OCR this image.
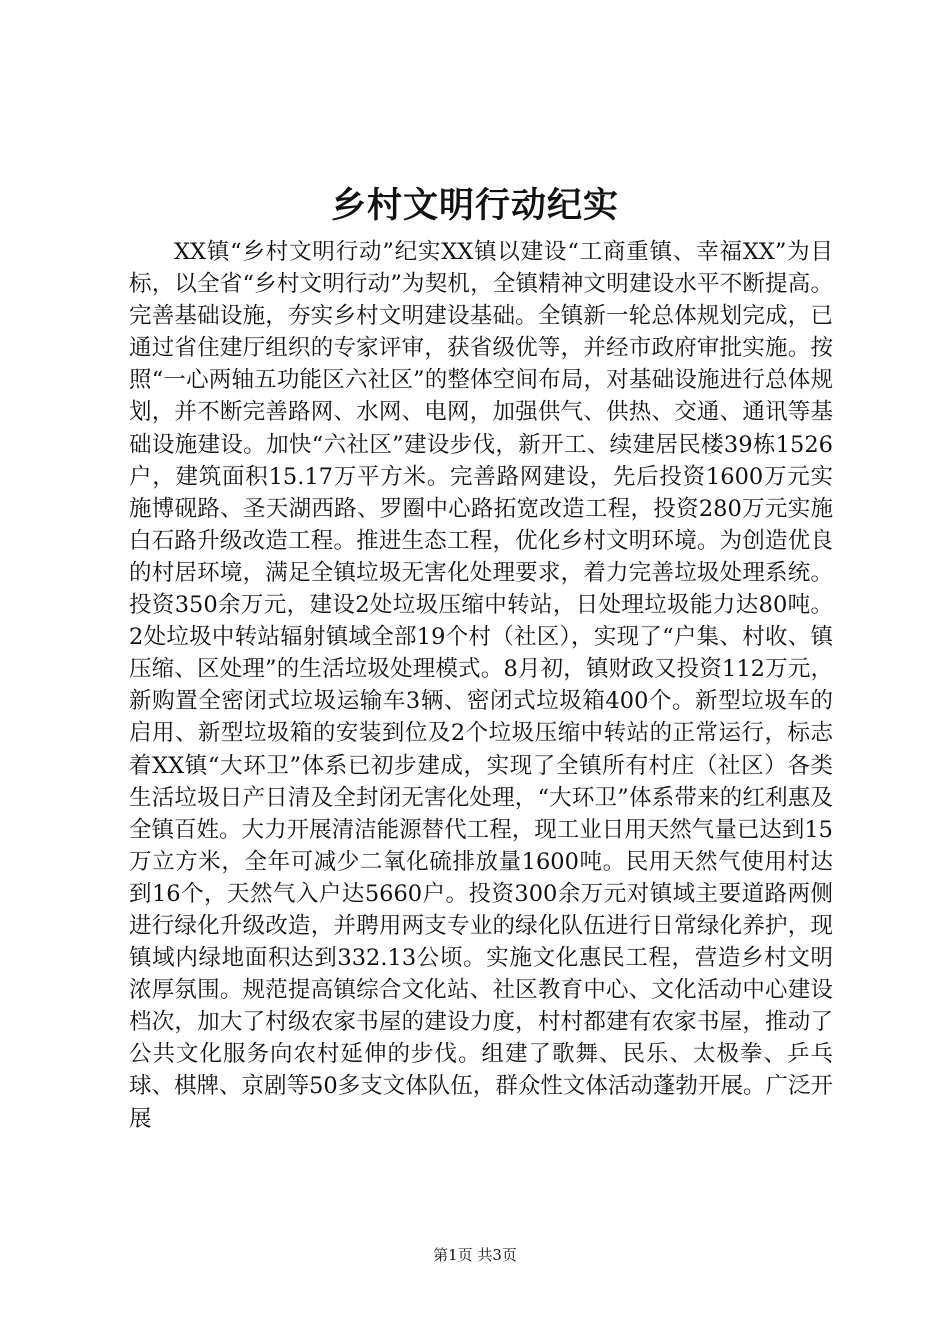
乡村文明行动纪实

XX镇“乡村文明行动”纪实XX镇以建设“工商重镇、幸福XX”为目标，以全省“乡村文明行动”为契机，全镇精神文明建设水平不断提高。完善基础设施，夯实乡村文明建设基础。全镇新一轮总体规划完成，已通过省住建厅组织的专家评审，获省级优等，并经市政府审批实施。按照“一心两轴五功能区六社区”的整体空间布局，对基础设施进行总体规划，并不断完善路网、水网、电网，加强供气、供热、交通、通讯等基础设施建设。加快“六社区”建设步伐，新开工、续建居民楼39栋1526户，建筑面积15.17万平方米。完善路网建设，先后投资1600万元实施博砚路、圣天湖西路、罗圈中心路拓宽改造工程，投资280万元实施白石路升级改造工程。推进生态工程，优化乡村文明环境。为创造优良的村居环境，满足全镇垃圾无害化处理要求，着力完善垃圾处理系统。投资350余万元，建设2处垃圾压缩中转站，日处理垃圾能力达80吨。2处垃圾中转站辐射镇域全部19个村（社区），实现了“户集、村收、镇压缩、区处理”的生活垃圾处理模式。8月初，镇财政又投资112万元，新购置全密闭式垃圾运输车3辆、密闭式垃圾箱400个。新型垃圾车的启用、新型垃圾箱的安装到位及2个垃圾压缩中转站的正常运行，标志着XX镇“大环卫”体系已初步建成，实现了全镇所有村庄（社区）各类生活垃圾日产日清及全封闭无害化处理，“大环卫”体系带来的红利惠及全镇百姓。大力开展清洁能源替代工程，现工业日用天然气量已达到15万立方米，全年可减少二氧化硫排放量1600吨。民用天然气使用村达到16个，天然气入户达5660户。投资300余万元对镇域主要道路两侧进行绿化升级改造，并聘用两支专业的绿化队伍进行日常绿化养护，现镇域内绿地面积达到332.13公顷。实施文化惠民工程，营造乡村文明浓厚氛围。规范提高镇综合文化站、社区教育中心、文化活动中心建设档次，加大了村级农家书屋的建设力度，村村都建有农家书屋，推动了公共文化服务向农村延伸的步伐。组建了歌舞、民乐、太极拳、乒乓球、棋牌、京剧等50多支文体队伍，群众性文体活动蓬勃开展。广泛开展

第1页 共3页
